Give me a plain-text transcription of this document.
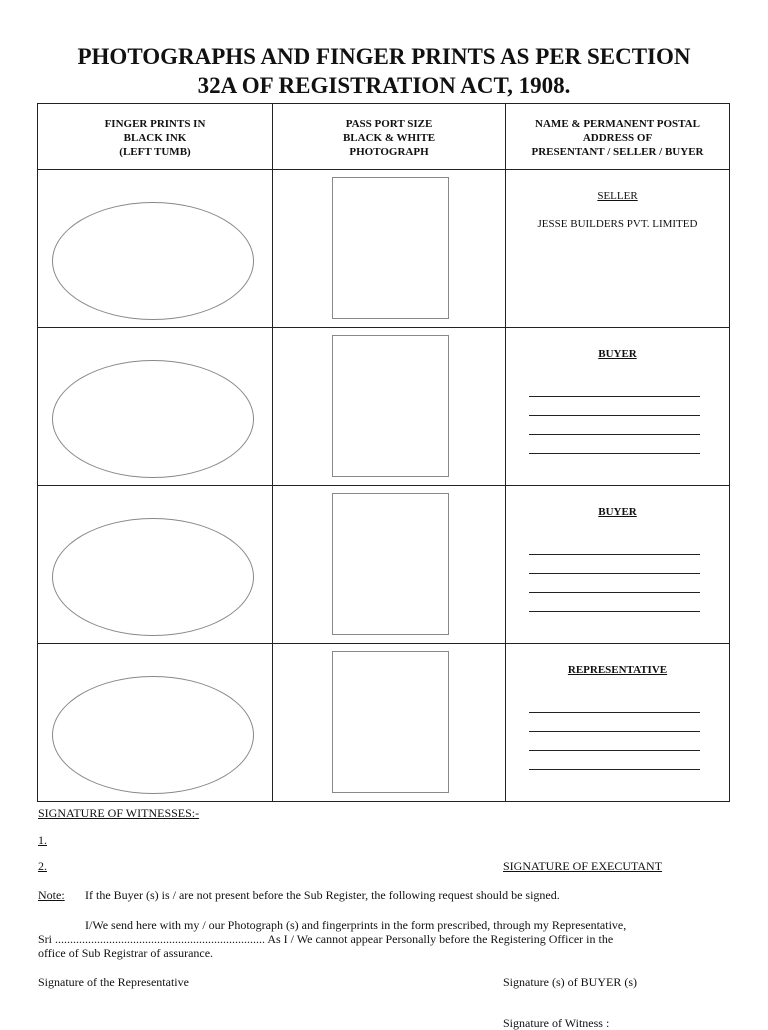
PHOTOGRAPHS AND FINGER PRINTS AS PER SECTION
32A OF REGISTRATION ACT, 1908.
FINGER PRINTS IN
BLACK INK
(LEFT TUMB)	PASS PORT SIZE
BLACK & WHITE
PHOTOGRAPH	NAME & PERMANENT POSTAL
ADDRESS OF
PRESENTANT / SELLER / BUYER

		SELLER
JESSE BUILDERS PVT. LIMITED

		BUYER

		BUYER

		REPRESENTATIVE
SIGNATURE OF WITNESSES:-
1.
2.	SIGNATURE OF EXECUTANT
Note: If the Buyer (s) is / are not present before the Sub Register, the following request should be signed.
I/We send here with my / our Photograph (s) and fingerprints in the form prescribed, through my Representative,
Sri ...................................................................... As I / We cannot appear Personally before the Registering Officer in the
office of Sub Registrar of assurance.
Signature of the Representative	Signature (s) of BUYER (s)
Signature of Witness :
